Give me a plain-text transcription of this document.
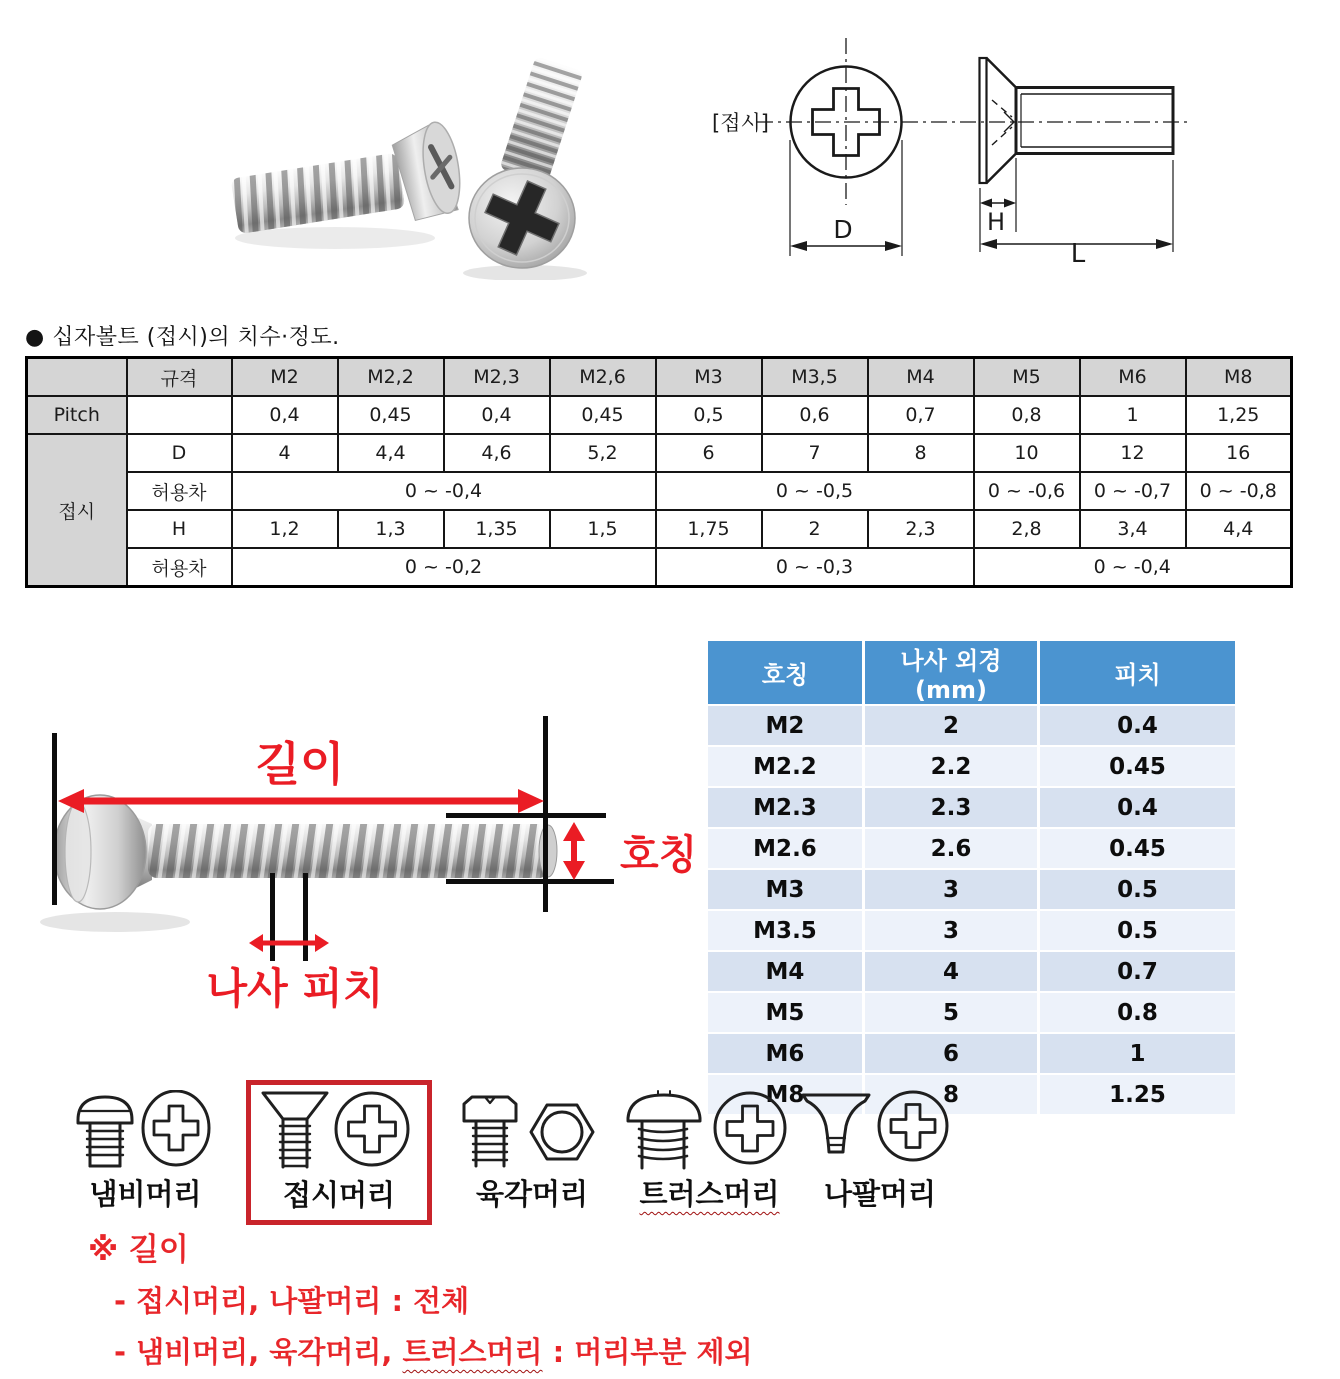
[접시]
D	H
L
● 십자볼트 (접시)의 치수·정도.
	규격	M2	M2,2	M2,3	M2,6	M3	M3,5	M4	M5	M6	M8
Pitch		0,4	0,45	0,4	0,45	0,5	0,6	0,7	0,8	1	1,25
접시	D	4	4,4	4,6	5,2	6	7	8	10	12	16
	허용차	0 ~ -0,4				0 ~ -0,5			0 ~ -0,6	0 ~ -0,7	0 ~ -0,8
	H	1,2	1,3	1,35	1,5	1,75	2	2,3	2,8	3,4	4,4
	허용차	0 ~ -0,2				0 ~ -0,3			0 ~ -0,4		
길이
호칭
나사 피치
호칭	나사 외경(mm)	피치
M2	2	0.4
M2.2	2.2	0.45
M2.3	2.3	0.4
M2.6	2.6	0.45
M3	3	0.5
M3.5	3	0.5
M4	4	0.7
M5	5	0.8
M6	6	1
M8	8	1.25
냄비머리	접시머리	육각머리	트러스머리	나팔머리
※ 길이
- 접시머리, 나팔머리 : 전체
- 냄비머리, 육각머리, 트러스머리 : 머리부분 제외
